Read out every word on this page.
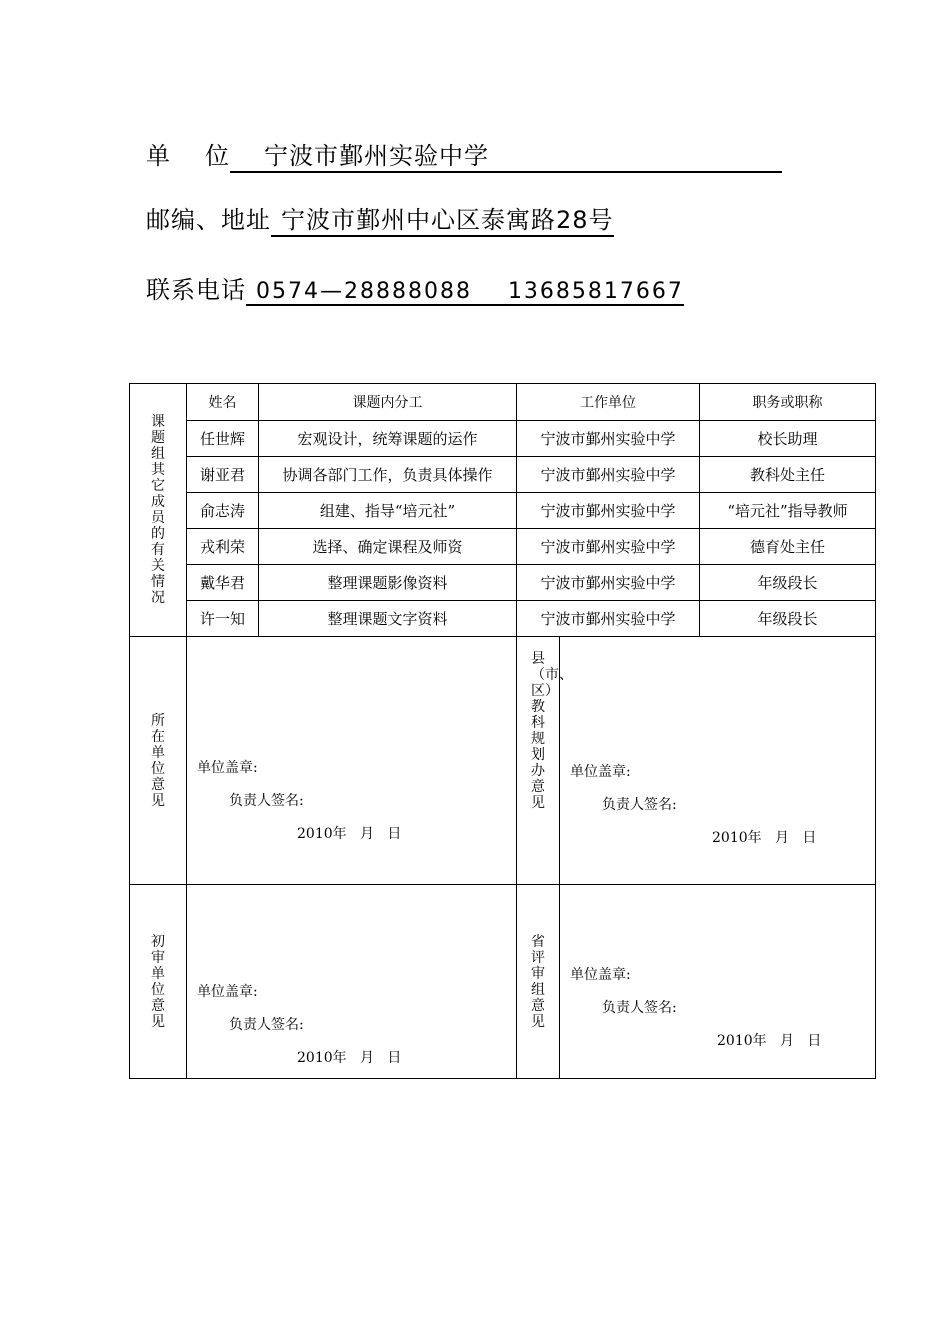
单 位 宁波市鄞州实验中学
邮编、地址 宁波市鄞州中心区泰寓路28号
联系电话 0574—28888088    13685817667
课题组其它成员的有关情况	姓名	课题内分工	工作单位		职务或职称
	任世辉	宏观设计，统筹课题的运作	宁波市鄞州实验中学		校长助理
	谢亚君	协调各部门工作，负责具体操作	宁波市鄞州实验中学		教科处主任
	俞志涛	组建、指导“培元社”	宁波市鄞州实验中学		“培元社”指导教师
	戎利荣	选择、确定课程及师资	宁波市鄞州实验中学		德育处主任
	戴华君	整理课题影像资料	宁波市鄞州实验中学		年级段长
	许一知	整理课题文字资料	宁波市鄞州实验中学		年级段长

所在单位意见	单位盖章:
负责人签名:
2010年   月   日		县（市、区）教科规划办意见	单位盖章:
负责人签名:
2010年   月   日	

初审单位意见	单位盖章:
负责人签名:
2010年   月   日		省评审组意见	单位盖章:
负责人签名:
2010年   月   日	
